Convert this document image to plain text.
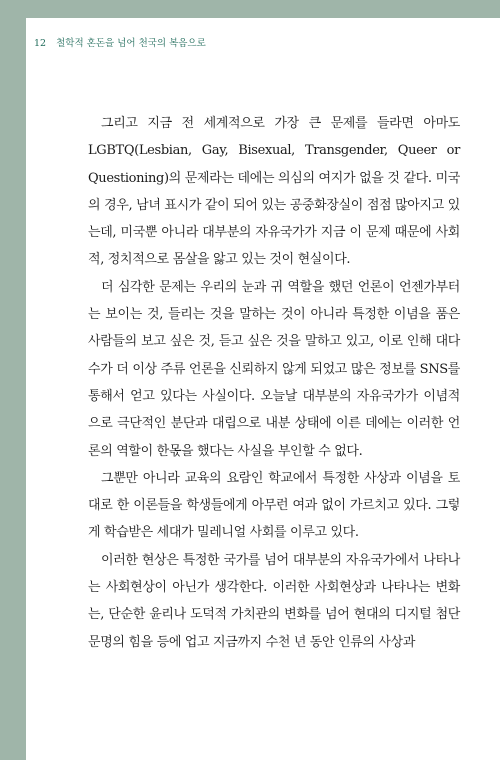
12 철학적 혼돈을 넘어 천국의 복음으로

그리고 지금 전 세계적으로 가장 큰 문제를 들라면 아마도 LGBTQ(Lesbian, Gay, Bisexual, Transgender, Queer or Questioning)의 문제라는 데에는 의심의 여지가 없을 것 같다. 미국의 경우, 남녀 표시가 같이 되어 있는 공중화장실이 점점 많아지고 있는데, 미국뿐 아니라 대부분의 자유국가가 지금 이 문제 때문에 사회적, 정치적으로 몸살을 앓고 있는 것이 현실이다.

더 심각한 문제는 우리의 눈과 귀 역할을 했던 언론이 언젠가부터는 보이는 것, 들리는 것을 말하는 것이 아니라 특정한 이념을 품은 사람들의 보고 싶은 것, 듣고 싶은 것을 말하고 있고, 이로 인해 대다수가 더 이상 주류 언론을 신뢰하지 않게 되었고 많은 정보를 SNS를 통해서 얻고 있다는 사실이다. 오늘날 대부분의 자유국가가 이념적으로 극단적인 분단과 대립으로 내분 상태에 이른 데에는 이러한 언론의 역할이 한몫을 했다는 사실을 부인할 수 없다.

그뿐만 아니라 교육의 요람인 학교에서 특정한 사상과 이념을 토대로 한 이론들을 학생들에게 아무런 여과 없이 가르치고 있다. 그렇게 학습받은 세대가 밀레니얼 사회를 이루고 있다.

이러한 현상은 특정한 국가를 넘어 대부분의 자유국가에서 나타나는 사회현상이 아닌가 생각한다. 이러한 사회현상과 나타나는 변화는, 단순한 윤리나 도덕적 가치관의 변화를 넘어 현대의 디지털 첨단 문명의 힘을 등에 업고 지금까지 수천 년 동안 인류의 사상과
